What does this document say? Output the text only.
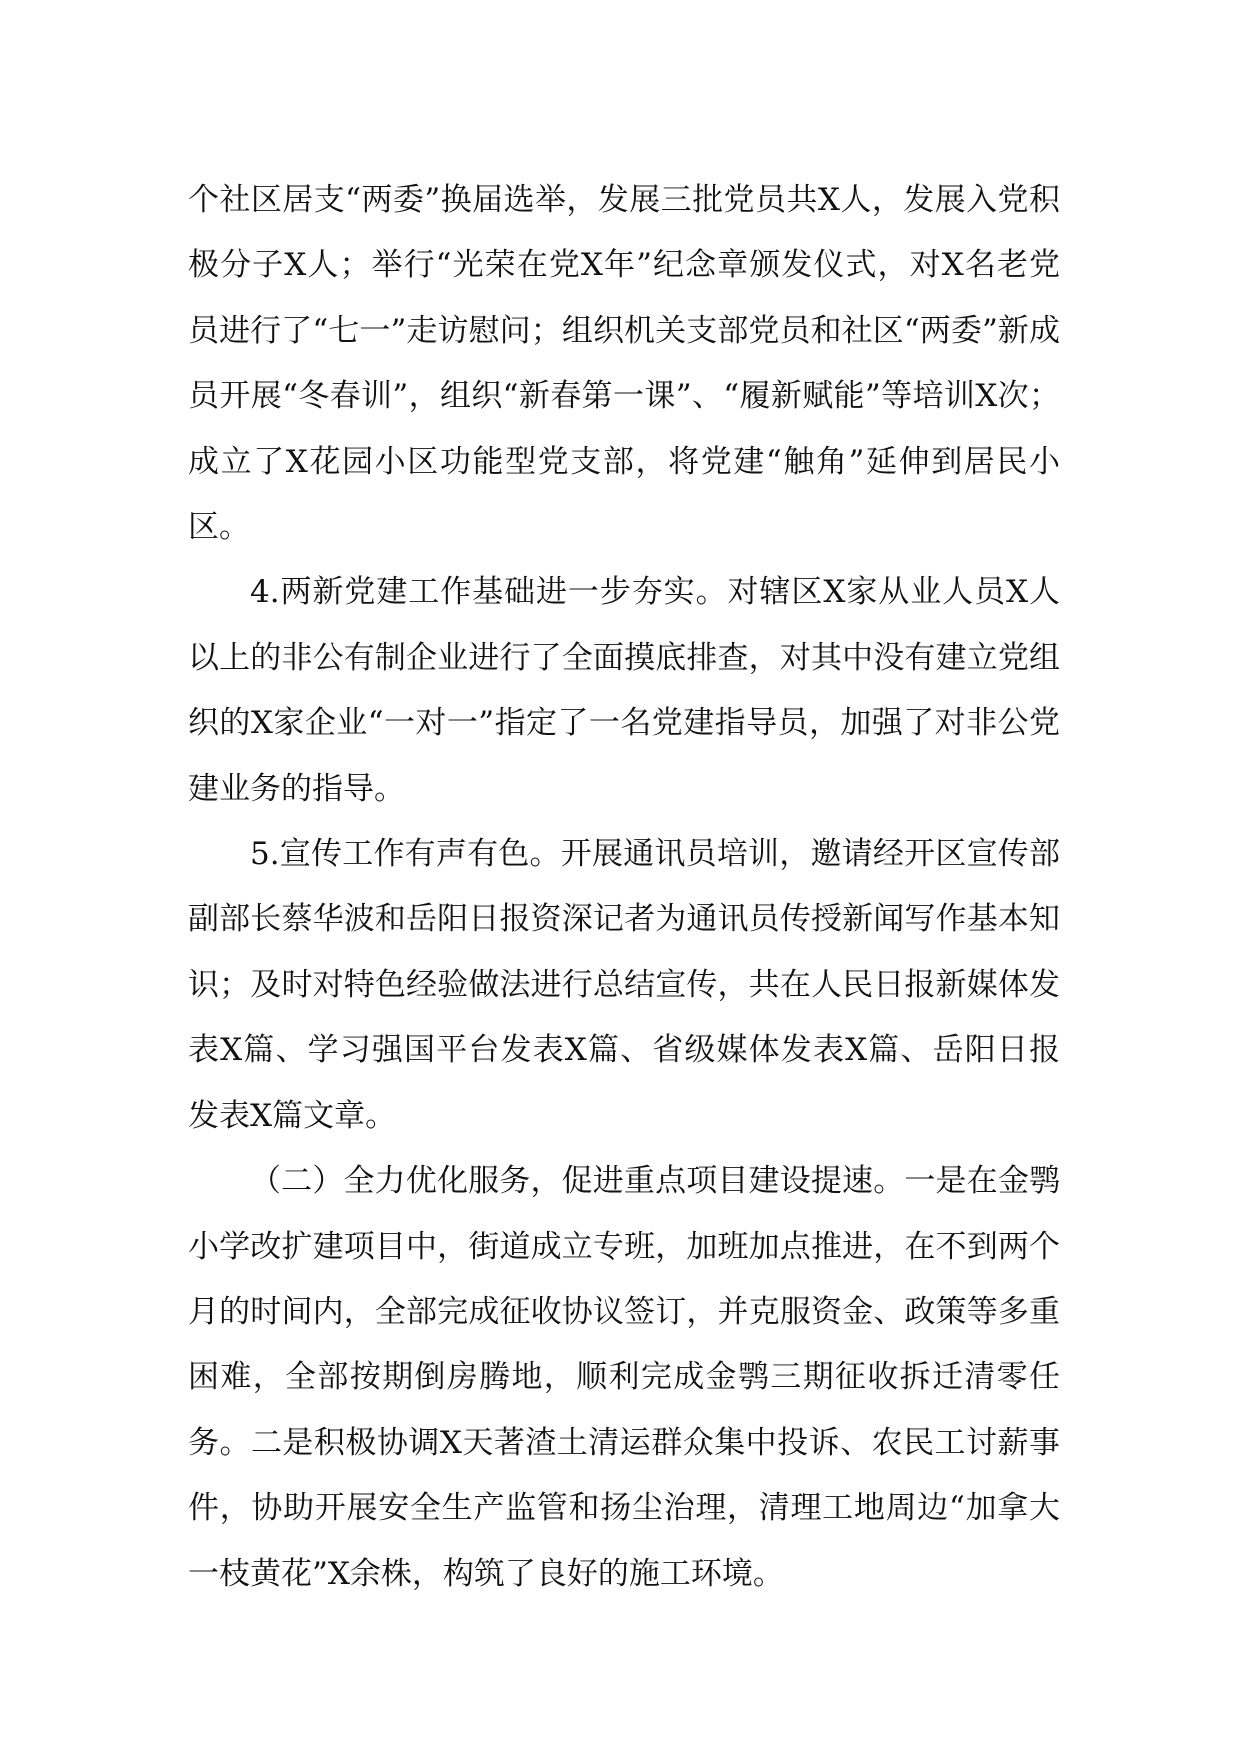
个社区居支“两委”换届选举，发展三批党员共X人，发展入党积极分子X人；举行“光荣在党X年”纪念章颁发仪式，对X名老党员进行了“七一”走访慰问；组织机关支部党员和社区“两委”新成员开展“冬春训”，组织“新春第一课”、“履新赋能”等培训X次；成立了X花园小区功能型党支部，将党建“触角”延伸到居民小区。

4.两新党建工作基础进一步夯实。对辖区X家从业人员X人以上的非公有制企业进行了全面摸底排查，对其中没有建立党组织的X家企业“一对一”指定了一名党建指导员，加强了对非公党建业务的指导。

5.宣传工作有声有色。开展通讯员培训，邀请经开区宣传部副部长蔡华波和岳阳日报资深记者为通讯员传授新闻写作基本知识；及时对特色经验做法进行总结宣传，共在人民日报新媒体发表X篇、学习强国平台发表X篇、省级媒体发表X篇、岳阳日报发表X篇文章。

（二）全力优化服务，促进重点项目建设提速。一是在金鹗小学改扩建项目中，街道成立专班，加班加点推进，在不到两个月的时间内，全部完成征收协议签订，并克服资金、政策等多重困难，全部按期倒房腾地，顺利完成金鹗三期征收拆迁清零任务。二是积极协调X天著渣土清运群众集中投诉、农民工讨薪事件，协助开展安全生产监管和扬尘治理，清理工地周边“加拿大一枝黄花”X余株，构筑了良好的施工环境。
